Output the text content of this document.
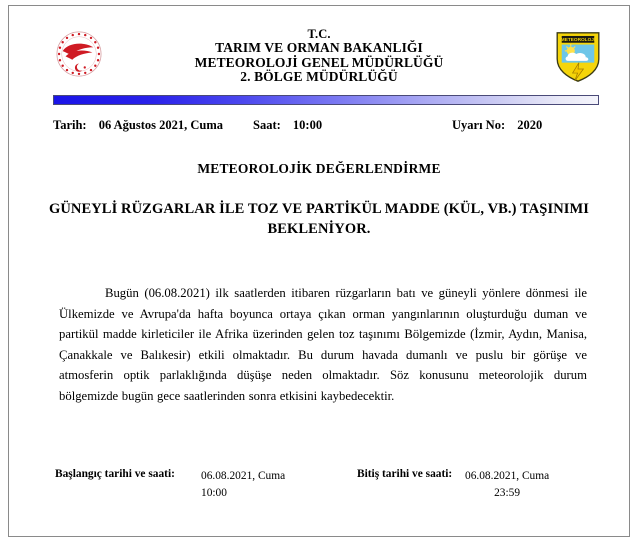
T.C.
TARIM VE ORMAN BAKANLIĞI
METEOROLOJİ GENEL MÜDÜRLÜĞÜ
2. BÖLGE MÜDÜRLÜĞÜ
METEOROLOJİ
Tarih: 06 Ağustos 2021, Cuma Saat: 10:00	Uyarı No: 2020
METEOROLOJİK DEĞERLENDİRME
GÜNEYLİ RÜZGARLAR İLE TOZ VE PARTİKÜL MADDE (KÜL, VB.) TAŞINIMI BEKLENİYOR.
Bugün (06.08.2021) ilk saatlerden itibaren rüzgarların batı ve güneyli yönlere dönmesi ile Ülkemizde ve Avrupa'da hafta boyunca ortaya çıkan orman yangınlarının oluşturduğu duman ve partikül madde kirleticiler ile Afrika üzerinden gelen toz taşınımı Bölgemizde (İzmir, Aydın, Manisa, Çanakkale ve Balıkesir) etkili olmaktadır. Bu durum havada dumanlı ve puslu bir görüşe ve atmosferin optik parlaklığında düşüşe neden olmaktadır. Söz konusunu meteorolojik durum bölgemizde bugün gece saatlerinden sonra etkisini kaybedecektir.
Başlangıç tarihi ve saati: 06.08.2021, Cuma
10:00
Bitiş tarihi ve saati: 06.08.2021, Cuma
23:59
